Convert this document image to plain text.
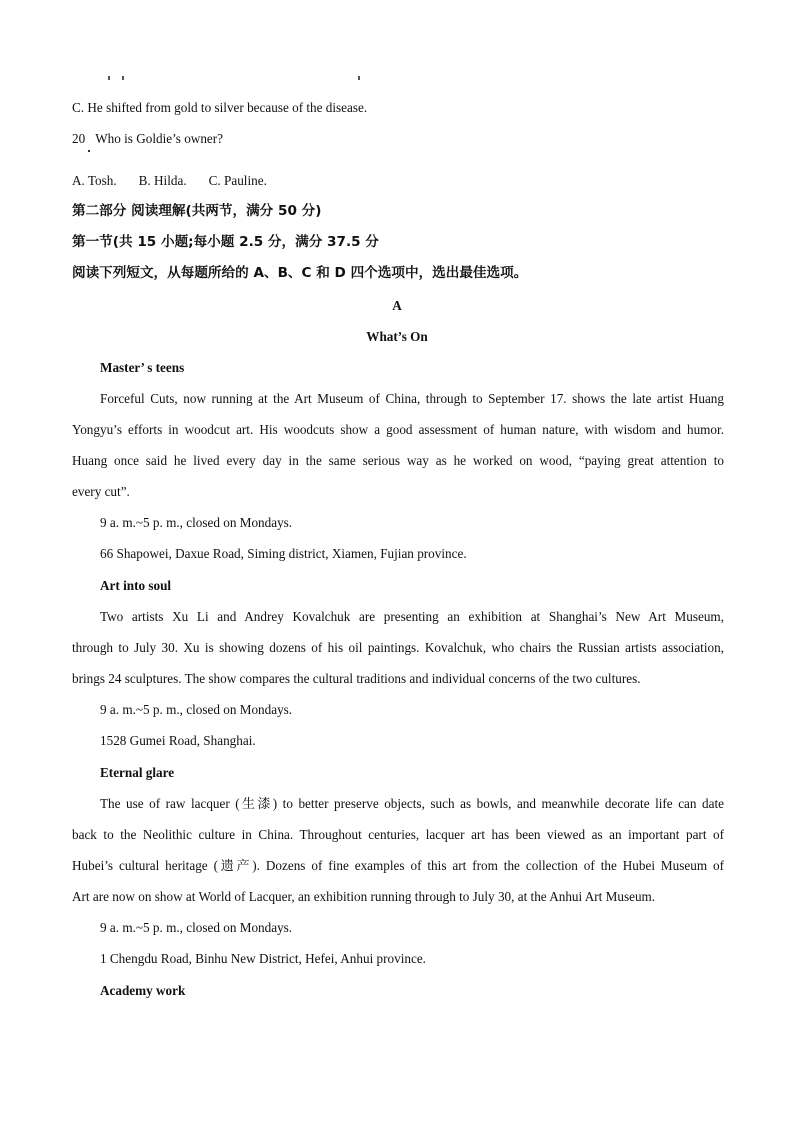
C. He shifted from gold to silver because of the disease.
20 Who is Goldie’s owner?
A. Tosh. B. Hilda. C. Pauline.
第二部分 阅读理解(共两节，满分 50 分)
第一节(共 15 小题;每小题 2.5 分，满分 37.5 分
阅读下列短文，从每题所给的 A、B、C 和 D 四个选项中，选出最佳选项。
A
What’s On
Master’ s teens
Forceful Cuts, now running at the Art Museum of China, through to September 17. shows the late artist Huang
Yongyu’s efforts in woodcut art. His woodcuts show a good assessment of human nature, with wisdom and humor.
Huang once said he lived every day in the same serious way as he worked on wood, “paying great attention to
every cut”.
9 a. m.~5 p. m., closed on Mondays.
66 Shapowei, Daxue Road, Siming district, Xiamen, Fujian province.
Art into soul
Two artists Xu Li and Andrey Kovalchuk are presenting an exhibition at Shanghai’s New Art Museum,
through to July 30. Xu is showing dozens of his oil paintings. Kovalchuk, who chairs the Russian artists association,
brings 24 sculptures. The show compares the cultural traditions and individual concerns of the two cultures.
9 a. m.~5 p. m., closed on Mondays.
1528 Gumei Road, Shanghai.
Eternal glare
The use of raw lacquer (生漆) to better preserve objects, such as bowls, and meanwhile decorate life can date
back to the Neolithic culture in China. Throughout centuries, lacquer art has been viewed as an important part of
Hubei’s cultural heritage (遗产). Dozens of fine examples of this art from the collection of the Hubei Museum of
Art are now on show at World of Lacquer, an exhibition running through to July 30, at the Anhui Art Museum.
9 a. m.~5 p. m., closed on Mondays.
1 Chengdu Road, Binhu New District, Hefei, Anhui province.
Academy work
